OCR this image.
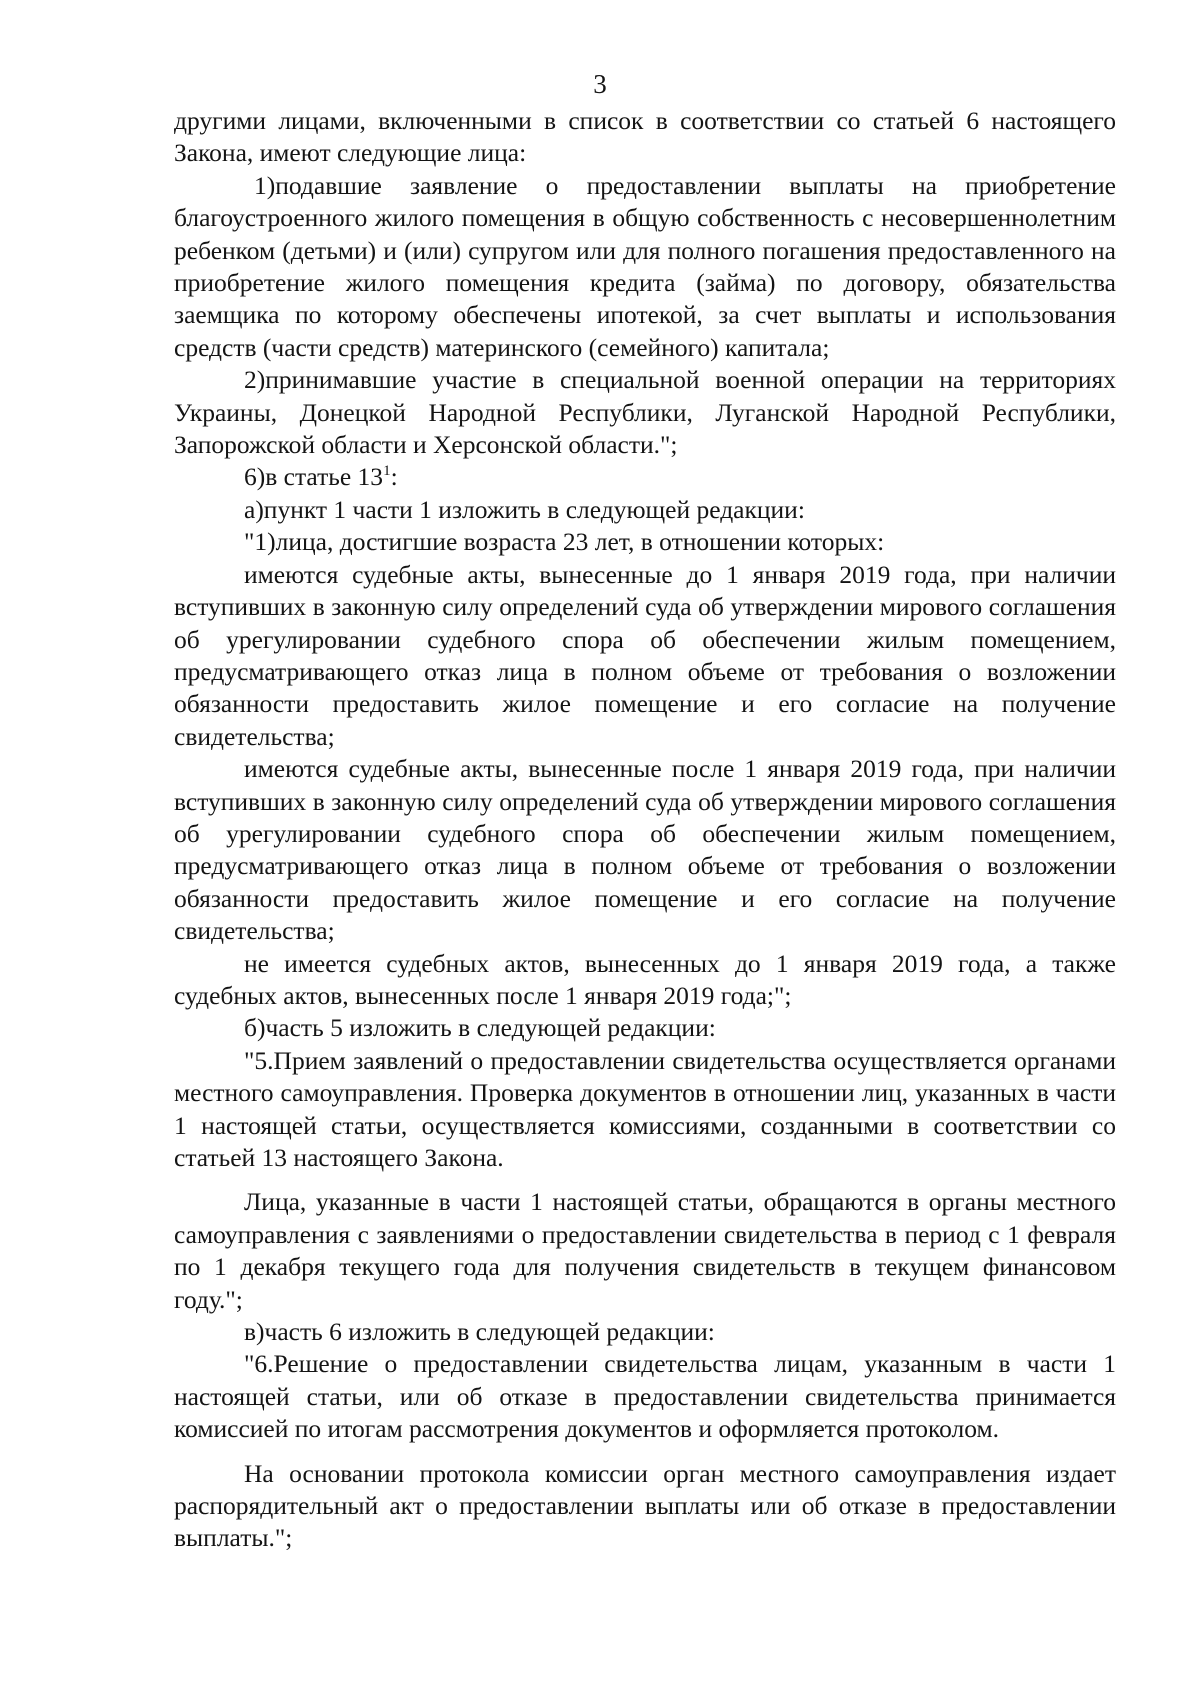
3

другими лицами, включенными в список в соответствии со статьей 6 настоящего Закона, имеют следующие лица:

1)подавшие заявление о предоставлении выплаты на приобретение благоустроенного жилого помещения в общую собственность с несовершеннолетним ребенком (детьми) и (или) супругом или для полного погашения предоставленного на приобретение жилого помещения кредита (займа) по договору, обязательства заемщика по которому обеспечены ипотекой, за счет выплаты и использования средств (части средств) материнского (семейного) капитала;

2)принимавшие участие в специальной военной операции на территориях Украины, Донецкой Народной Республики, Луганской Народной Республики, Запорожской области и Херсонской области.";

6)в статье $13^1$:

a)пункт 1 части 1 изложить в следующей редакции:

"1)лица, достигшие возраста 23 лет, в отношении которых:

имеются судебные акты, вынесенные до 1 января 2019 года, при наличии вступивших в законную силу определений суда об утверждении мирового соглашения об урегулировании судебного спора об обеспечении жилым помещением, предусматривающего отказ лица в полном объеме от требования о возложении обязанности предоставить жилое помещение и его согласие на получение свидетельства;

имеются судебные акты, вынесенные после 1 января 2019 года, при наличии вступивших в законную силу определений суда об утверждении мирового соглашения об урегулировании судебного спора об обеспечении жилым помещением, предусматривающего отказ лица в полном объеме от требования о возложении обязанности предоставить жилое помещение и его согласие на получение свидетельства;

не имеется судебных актов, вынесенных до 1 января 2019 года, а также судебных актов, вынесенных после 1 января 2019 года;";

б)часть 5 изложить в следующей редакции:

"5.Прием заявлений о предоставлении свидетельства осуществляется органами местного самоуправления. Проверка документов в отношении лиц, указанных в части 1 настоящей статьи, осуществляется комиссиями, созданными в соответствии со статьей 13 настоящего Закона.

Лица, указанные в части 1 настоящей статьи, обращаются в органы местного самоуправления с заявлениями о предоставлении свидетельства в период с 1 февраля по 1 декабря текущего года для получения свидетельств в текущем финансовом году.";

в)часть 6 изложить в следующей редакции:

"6.Решение о предоставлении свидетельства лицам, указанным в части 1 настоящей статьи, или об отказе в предоставлении свидетельства принимается комиссией по итогам рассмотрения документов и оформляется протоколом.

На основании протокола комиссии орган местного самоуправления издает распорядительный акт о предоставлении выплаты или об отказе в предоставлении выплаты.";
